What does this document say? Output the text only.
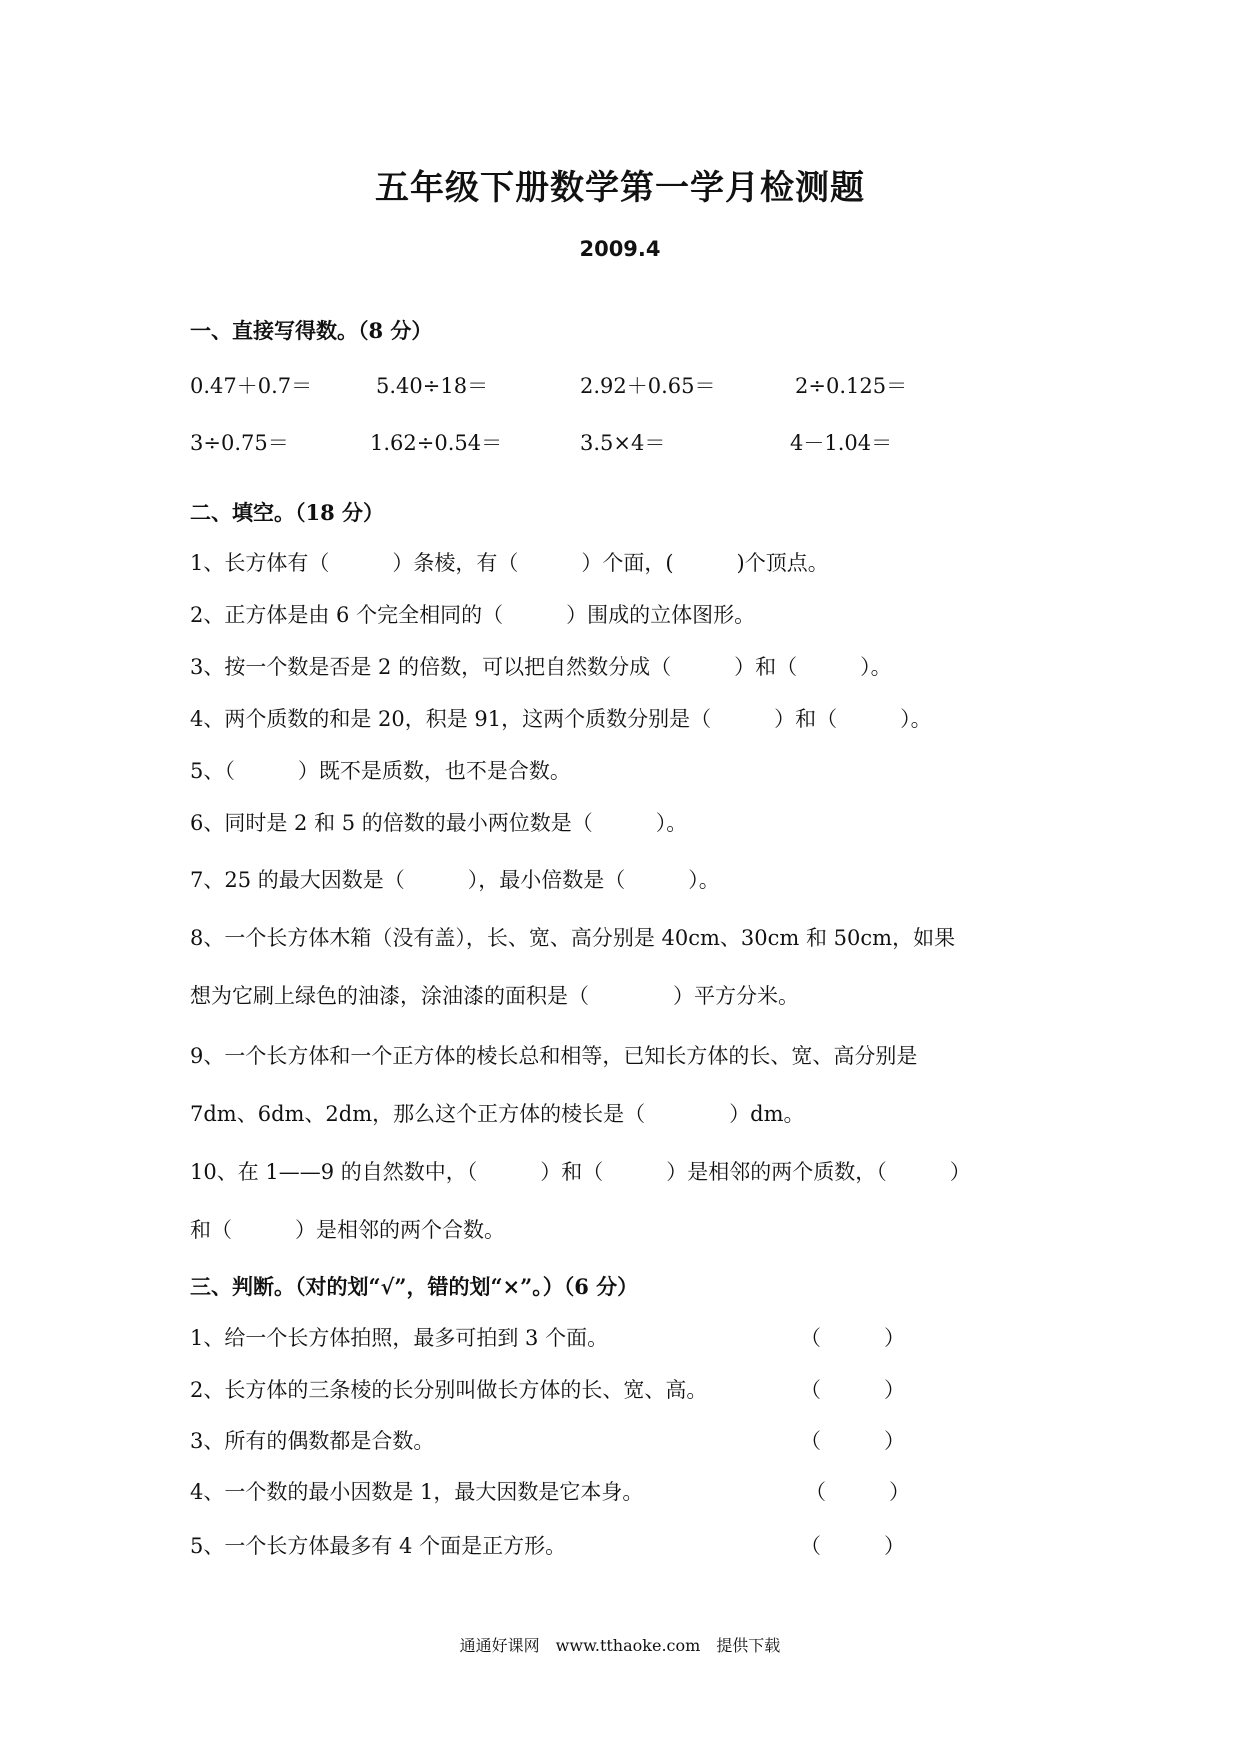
五年级下册数学第一学月检测题
2009.4
一、直接写得数。（8 分）
0.47＋0.7＝	5.40÷18＝	2.92＋0.65＝	2÷0.125＝
3÷0.75＝	1.62÷0.54＝	3.5×4＝	4－1.04＝
二、填空。（18 分）
1、长方体有（　　　）条棱，有（　　　）个面，(　　　)个顶点。
2、正方体是由 6 个完全相同的（　　　）围成的立体图形。
3、按一个数是否是 2 的倍数，可以把自然数分成（　　　）和（　　　）。
4、两个质数的和是 20，积是 91，这两个质数分别是（　　　）和（　　　）。
5、（　　　）既不是质数，也不是合数。
6、同时是 2 和 5 的倍数的最小两位数是（　　　）。
7、25 的最大因数是（　　　），最小倍数是（　　　）。
8、一个长方体木箱（没有盖），长、宽、高分别是 40cm、30cm 和 50cm，如果
想为它刷上绿色的油漆，涂油漆的面积是（　　　　）平方分米。
9、一个长方体和一个正方体的棱长总和相等，已知长方体的长、宽、高分别是
7dm、6dm、2dm，那么这个正方体的棱长是（　　　　）dm。
10、在 1——9 的自然数中，（　　　）和（　　　）是相邻的两个质数，（　　　）
和（　　　）是相邻的两个合数。
三、判断。（对的划“√”，错的划“×”。）（6 分）
1、给一个长方体拍照，最多可拍到 3 个面。	（　　　）
2、长方体的三条棱的长分别叫做长方体的长、宽、高。	（　　　）
3、所有的偶数都是合数。	（　　　）
4、一个数的最小因数是 1，最大因数是它本身。	（　　　）
5、一个长方体最多有 4 个面是正方形。	（　　　）
通通好课网　www.tthaoke.com　提供下载
